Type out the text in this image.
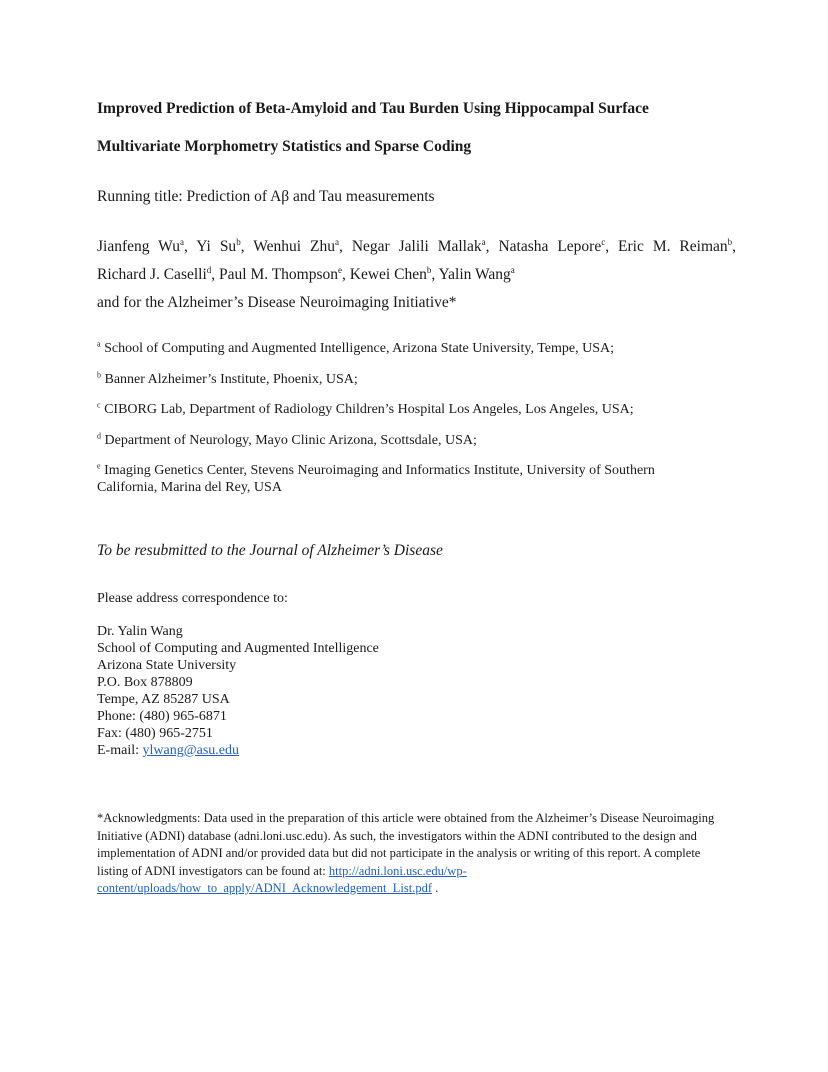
Improved Prediction of Beta-Amyloid and Tau Burden Using Hippocampal Surface
Multivariate Morphometry Statistics and Sparse Coding
Running title: Prediction of Aβ and Tau measurements
Jianfeng Wu$^a$, Yi Su$^b$, Wenhui Zhu$^a$, Negar Jalili Mallak$^a$, Natasha Lepore$^c$, Eric M. Reiman$^b$,
Richard J. Caselli$^d$, Paul M. Thompson$^e$, Kewei Chen$^b$, Yalin Wang$^a$
and for the Alzheimer’s Disease Neuroimaging Initiative*
$^a$ School of Computing and Augmented Intelligence, Arizona State University, Tempe, USA;
$^b$ Banner Alzheimer’s Institute, Phoenix, USA;
$^c$ CIBORG Lab, Department of Radiology Children’s Hospital Los Angeles, Los Angeles, USA;
$^d$ Department of Neurology, Mayo Clinic Arizona, Scottsdale, USA;
$^e$ Imaging Genetics Center, Stevens Neuroimaging and Informatics Institute, University of Southern California, Marina del Rey, USA
To be resubmitted to the Journal of Alzheimer’s Disease
Please address correspondence to:
Dr. Yalin Wang
School of Computing and Augmented Intelligence
Arizona State University
P.O. Box 878809
Tempe, AZ 85287 USA
Phone: (480) 965-6871
Fax: (480) 965-2751
E-mail: ylwang@asu.edu
*Acknowledgments: Data used in the preparation of this article were obtained from the Alzheimer’s Disease Neuroimaging Initiative (ADNI) database (adni.loni.usc.edu). As such, the investigators within the ADNI contributed to the design and implementation of ADNI and/or provided data but did not participate in the analysis or writing of this report. A complete listing of ADNI investigators can be found at: http://adni.loni.usc.edu/wp-content/uploads/how_to_apply/ADNI_Acknowledgement_List.pdf .
